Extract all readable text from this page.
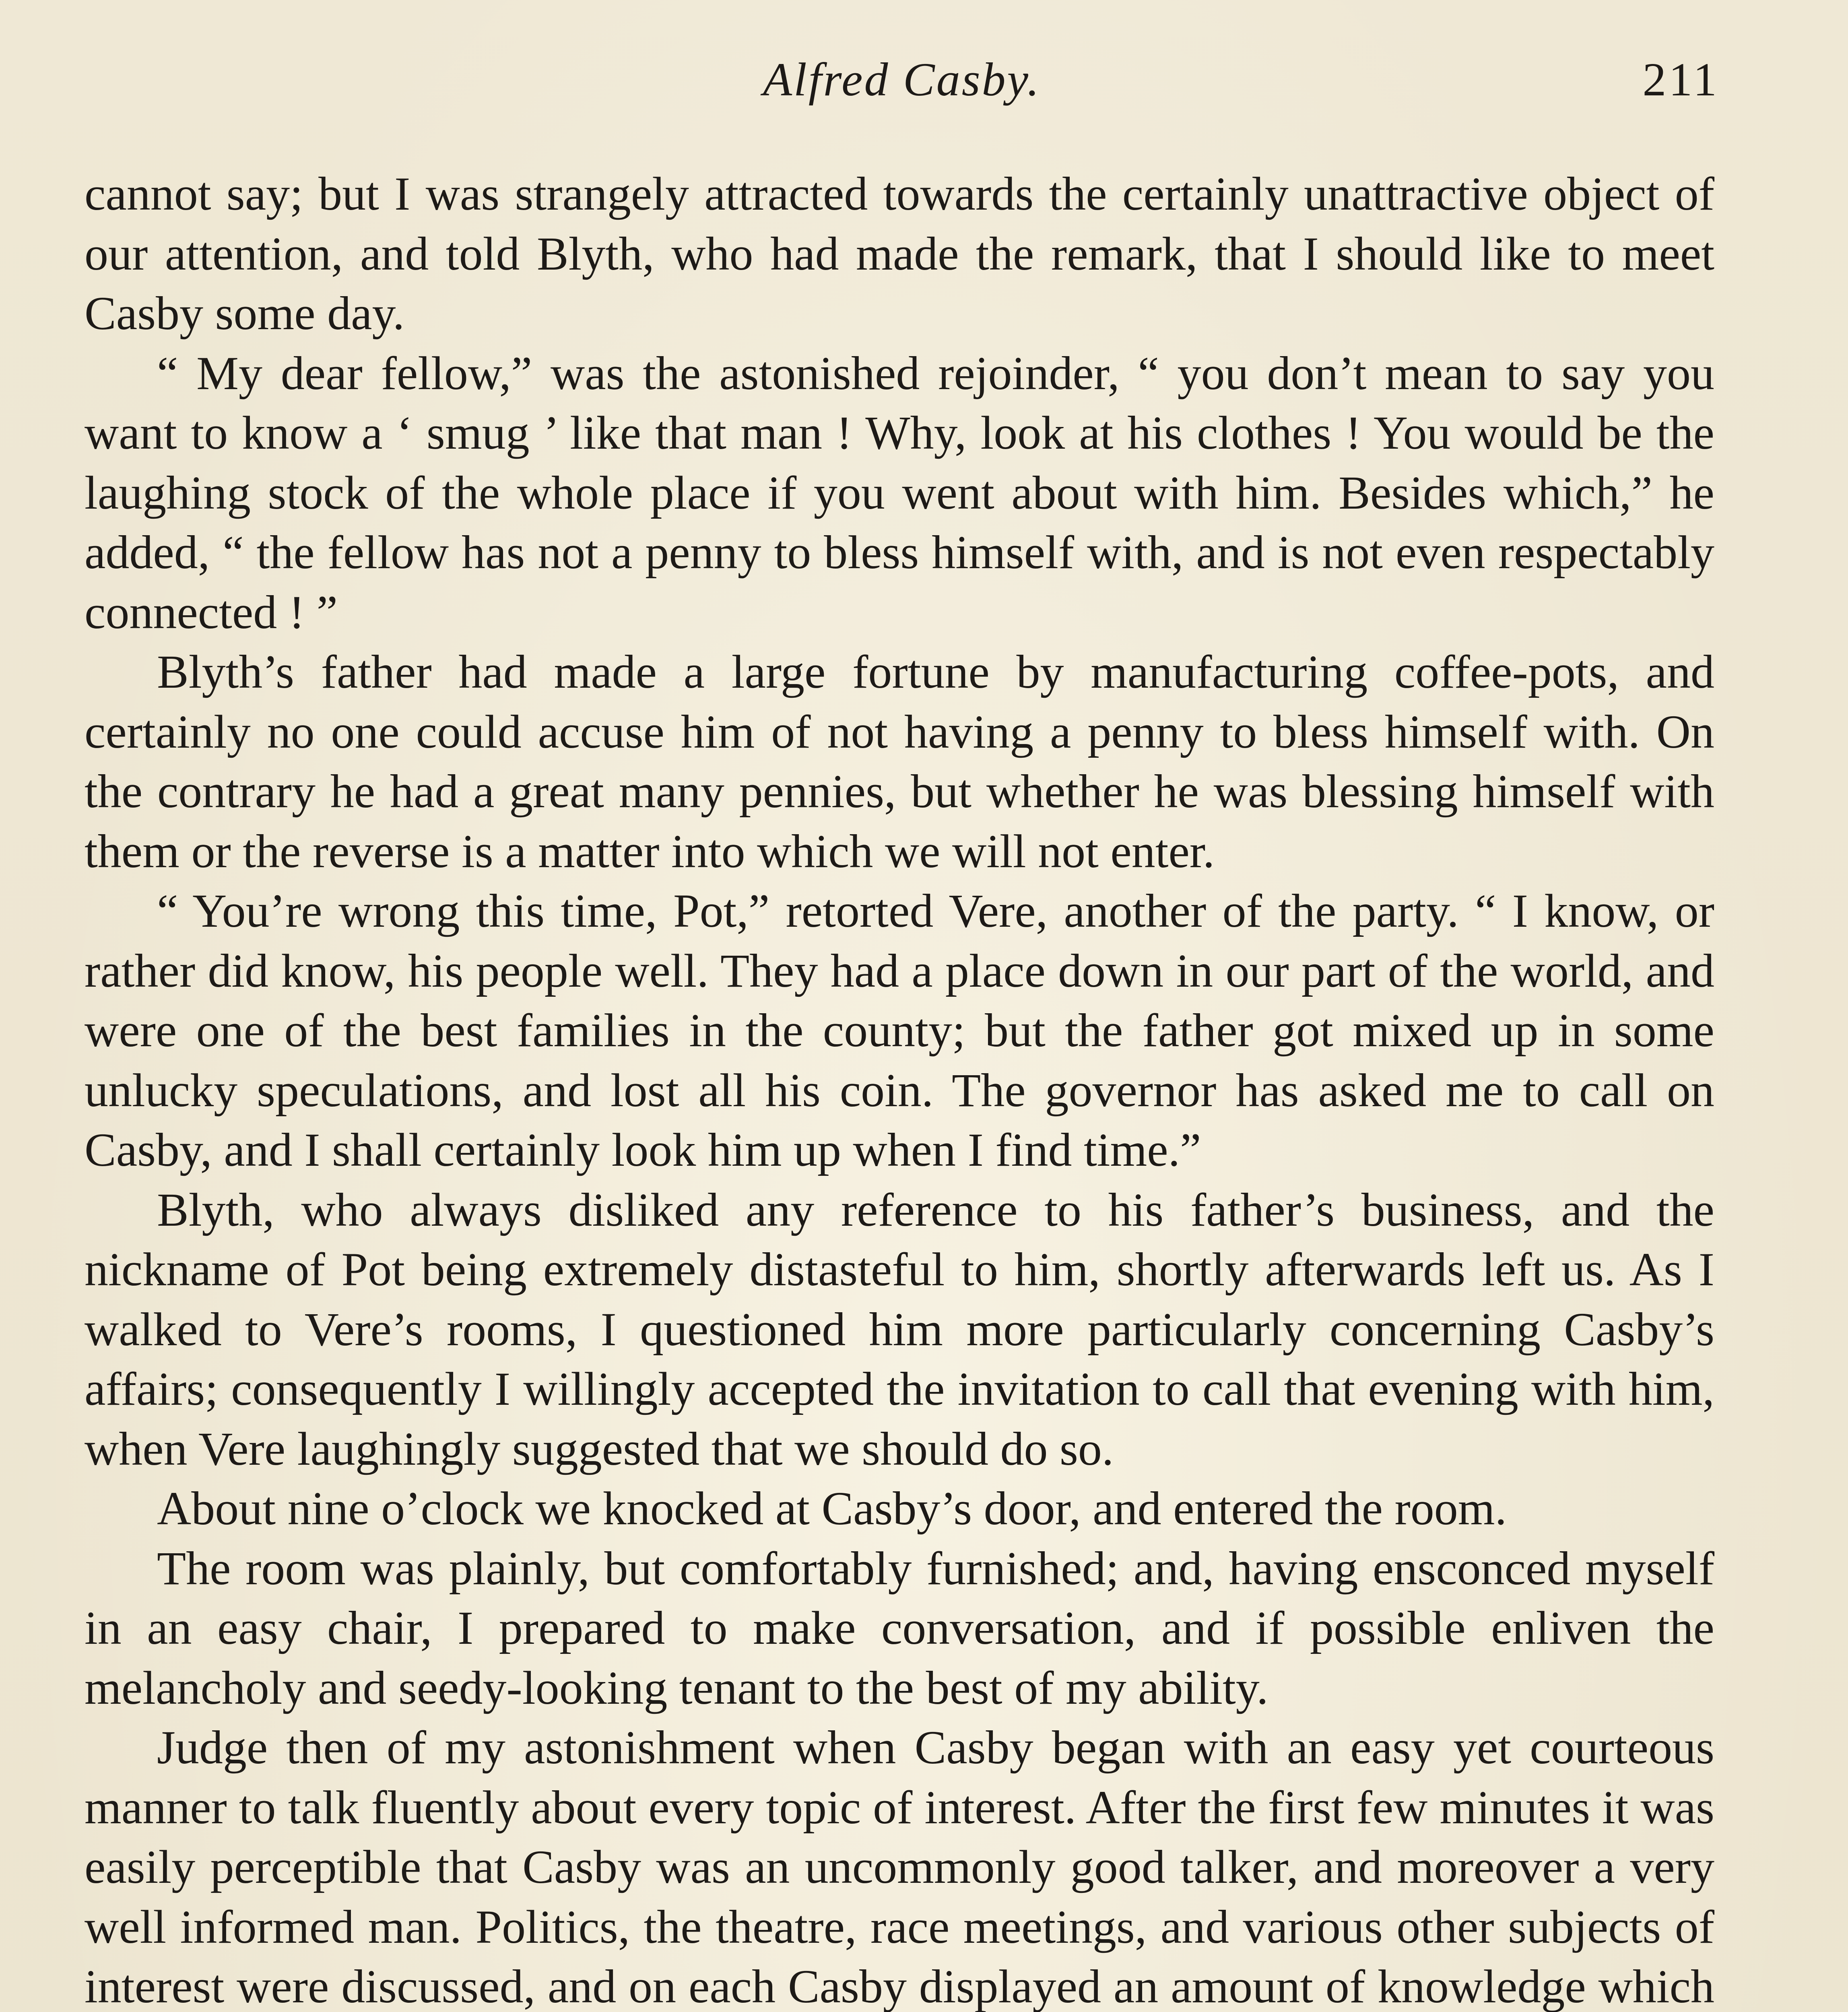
Alfred Casby.	211

cannot say; but I was strangely attracted towards the certainly unattractive object of our attention, and told Blyth, who had made the remark, that I should like to meet Casby some day.

“ My dear fellow,” was the astonished rejoinder, “ you don’t mean to say you want to know a ‘ smug ’ like that man ! Why, look at his clothes ! You would be the laughing stock of the whole place if you went about with him. Besides which,” he added, “ the fellow has not a penny to bless himself with, and is not even respectably connected ! ”

Blyth’s father had made a large fortune by manufacturing coffee-pots, and certainly no one could accuse him of not having a penny to bless himself with. On the contrary he had a great many pennies, but whether he was blessing himself with them or the reverse is a matter into which we will not enter.

“ You’re wrong this time, Pot,” retorted Vere, another of the party. “ I know, or rather did know, his people well. They had a place down in our part of the world, and were one of the best families in the county; but the father got mixed up in some unlucky speculations, and lost all his coin. The governor has asked me to call on Casby, and I shall certainly look him up when I find time.”

Blyth, who always disliked any reference to his father’s business, and the nickname of Pot being extremely distasteful to him, shortly afterwards left us. As I walked to Vere’s rooms, I questioned him more particularly concerning Casby’s affairs; consequently I willingly accepted the invitation to call that evening with him, when Vere laughingly suggested that we should do so.

About nine o’clock we knocked at Casby’s door, and entered the room.

The room was plainly, but comfortably furnished; and, having ensconced myself in an easy chair, I prepared to make conversation, and if possible enliven the melancholy and seedy-looking tenant to the best of my ability.

Judge then of my astonishment when Casby began with an easy yet courteous manner to talk fluently about every topic of interest. After the first few minutes it was easily perceptible that Casby was an uncommonly good talker, and moreover a very well informed man. Politics, the theatre, race meetings, and various other subjects of interest were discussed, and on each Casby displayed an amount of knowledge which
